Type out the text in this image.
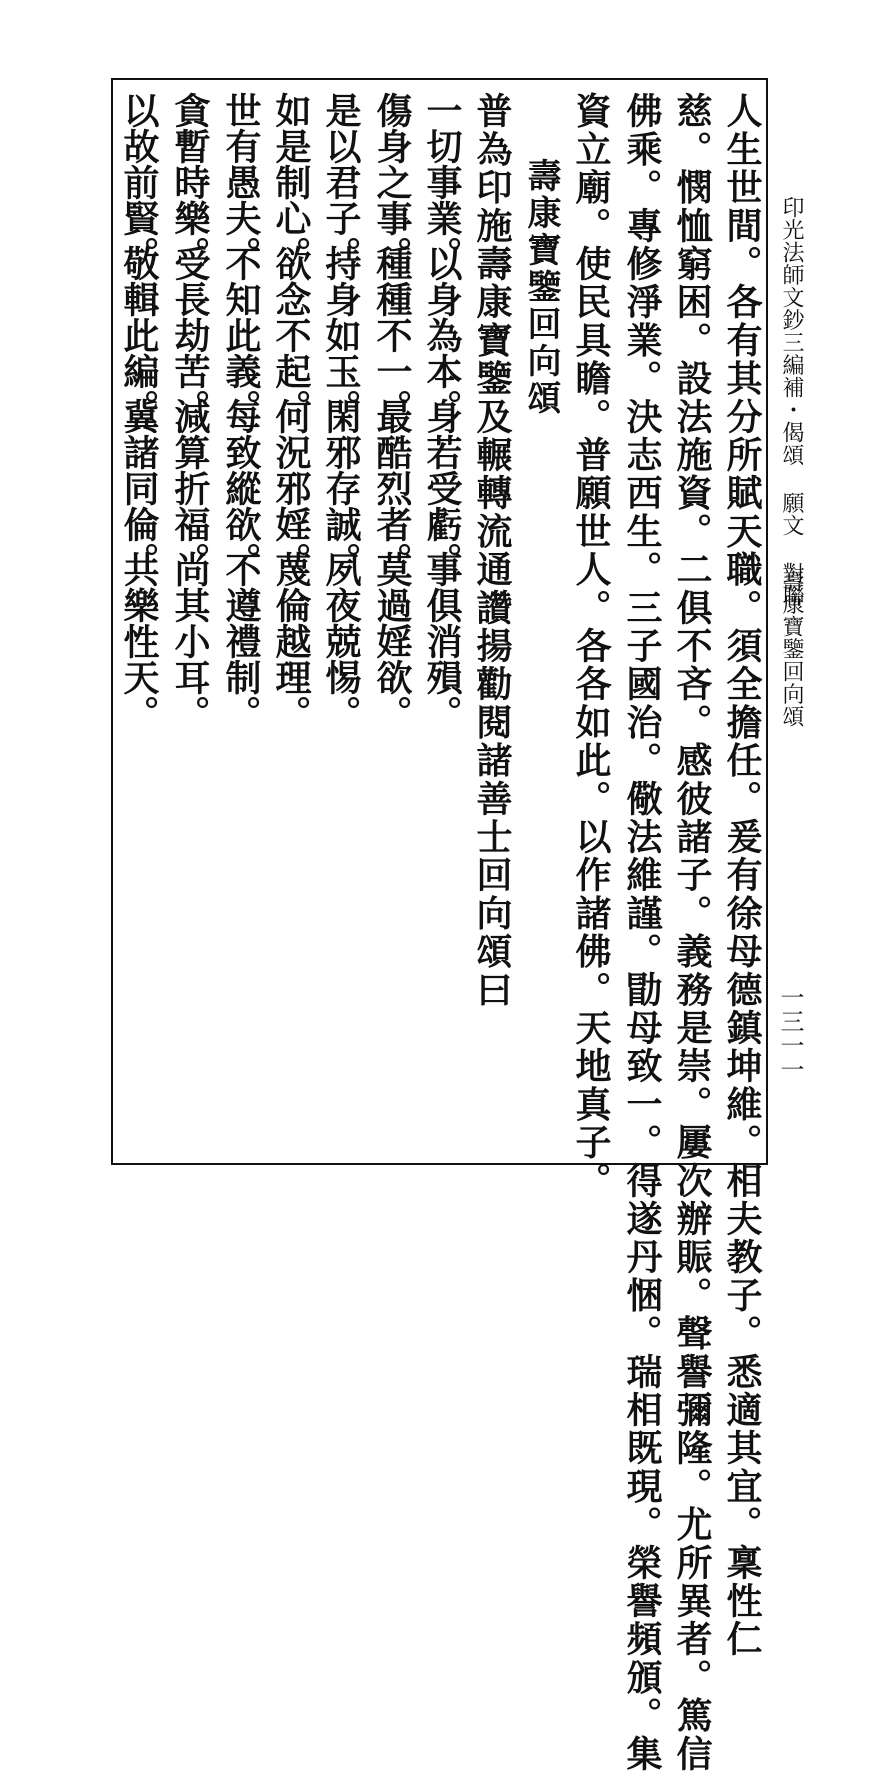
印光法師文鈔三編補・偈頌 願文 對聯
壽康寶鑒回向頌
一三一一
人生世間。各有其分所賦天職。須全擔任。爰有徐母德鎮坤維。相夫教子。悉適其宜。稟性仁
慈。憫恤窮困。設法施資。二俱不吝。感彼諸子。義務是崇。屢次辦賑。聲譽彌隆。尤所異者。篤信
佛乘。專修淨業。決志西生。三子國治。儆法維謹。勖母致一。得遂丹悃。瑞相既現。榮譽頻頒。集
資立廟。使民具瞻。普願世人。各各如此。以作諸佛。天地真子。
壽康寶鑒回向頌
普為印施壽康寶鑒及輾轉流通讚揚勸閱諸善士回向頌曰
一切事業。
以身為本。
身若受虧。
事俱消殞。
傷身之事。
種種不一。
最酷烈者。
莫過婬欲。
是以君子。
持身如玉。
閑邪存誠。
夙夜兢惕。
如是制心。
欲念不起。
何況邪婬。
蔑倫越理。
世有愚夫。
不知此義。
每致縱欲。
不遵禮制。
貪暫時樂。
受長劫苦。
減算折福。
尚其小耳。
以故前賢。
敬輯此編。
冀諸同倫。
共樂性天。
